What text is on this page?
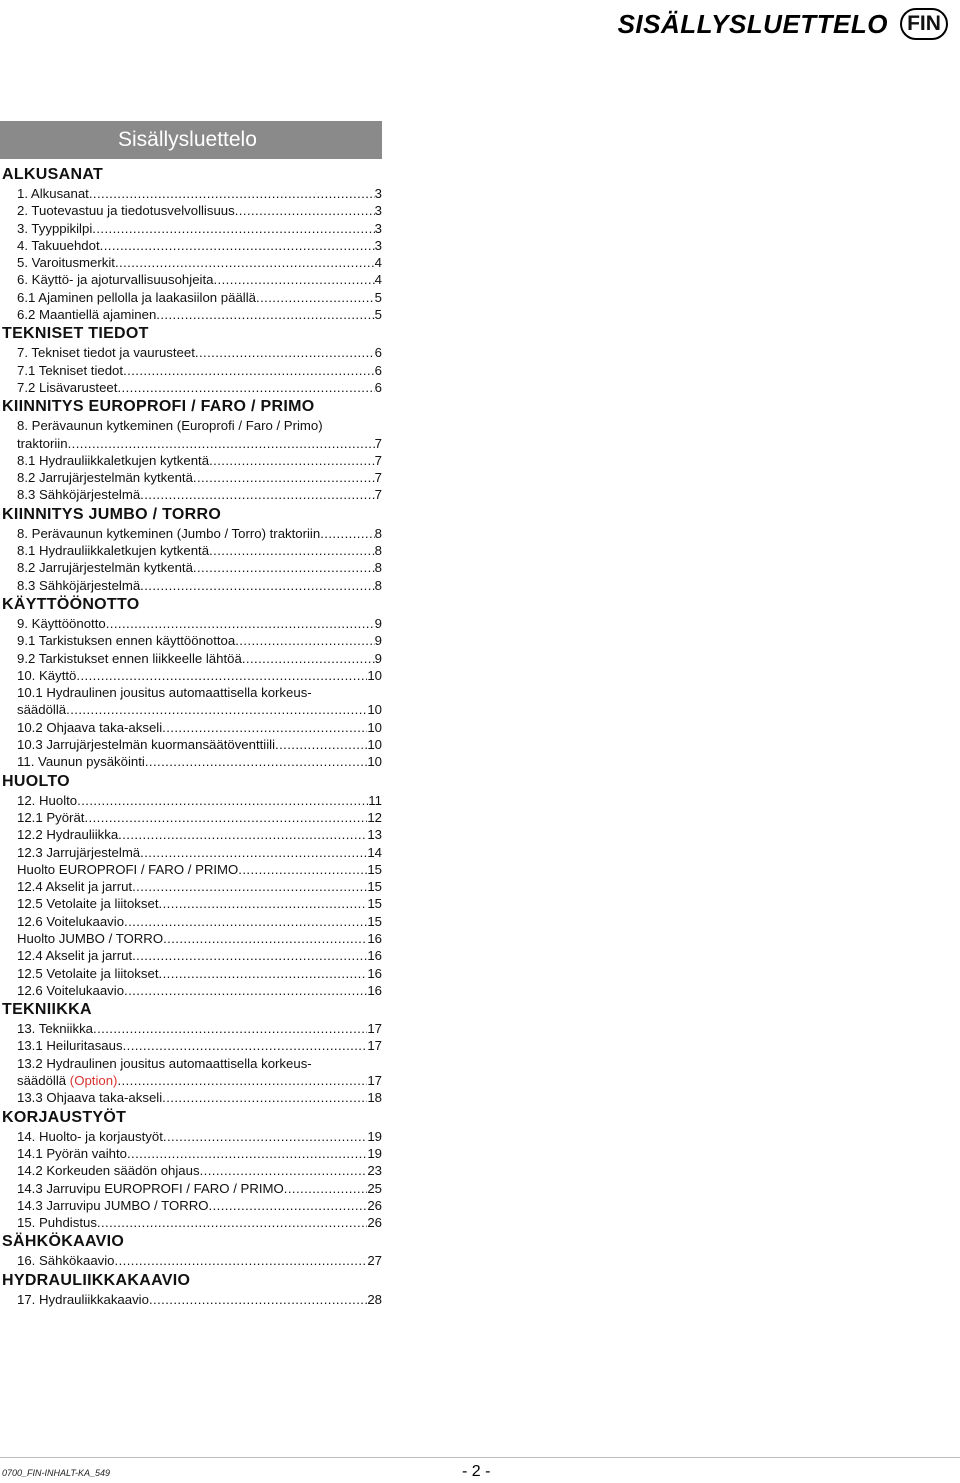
SISÄLLYSLUETTELO FIN
Sisällysluettelo
ALKUSANAT
1. Alkusanat .....	3
2. Tuotevastuu ja tiedotusvelvollisuus .....	3
3. Tyyppikilpi .....	3
4. Takuuehdot .....	3
5. Varoitusmerkit .....	4
6. Käyttö- ja ajoturvallisuusohjeita .....	4
6.1 Ajaminen pellolla ja laakasiilon päällä .....	5
6.2 Maantiellä ajaminen .....	5
TEKNISET TIEDOT
7. Tekniset tiedot ja vaurusteet .....	6
7.1 Tekniset tiedot .....	6
7.2 Lisävarusteet .....	6
KIINNITYS EUROPROFI / FARO / PRIMO
8. Perävaunun kytkeminen (Europrofi / Faro / Primo)
traktoriin .....	7
8.1 Hydrauliikkaletkujen kytkentä .....	7
8.2 Jarrujärjestelmän kytkentä .....	7
8.3 Sähköjärjestelmä .....	7
KIINNITYS JUMBO / TORRO
8. Perävaunun kytkeminen (Jumbo / Torro) traktoriin .....	8
8.1 Hydrauliikkaletkujen kytkentä .....	8
8.2 Jarrujärjestelmän kytkentä .....	8
8.3 Sähköjärjestelmä .....	8
KÄYTTÖÖNOTTO
9. Käyttöönotto .....	9
9.1 Tarkistuksen ennen käyttöönottoa .....	9
9.2 Tarkistukset ennen liikkeelle lähtöä .....	9
10. Käyttö .....	10
10.1 Hydraulinen jousitus automaattisella korkeus-
säädöllä .....	10
10.2 Ohjaava taka-akseli .....	10
10.3 Jarrujärjestelmän kuormansäätöventtiili .....	10
11. Vaunun pysäköinti .....	10
HUOLTO
12. Huolto .....	11
12.1 Pyörät .....	12
12.2 Hydrauliikka .....	13
12.3 Jarrujärjestelmä .....	14
Huolto EUROPROFI / FARO / PRIMO .....	15
12.4 Akselit ja jarrut .....	15
12.5 Vetolaite ja liitokset .....	15
12.6 Voitelukaavio .....	15
Huolto JUMBO / TORRO .....	16
12.4 Akselit ja jarrut .....	16
12.5 Vetolaite ja liitokset .....	16
12.6 Voitelukaavio .....	16
TEKNIIKKA
13. Tekniikka .....	17
13.1 Heiluritasaus .....	17
13.2 Hydraulinen jousitus automaattisella korkeus-
säädöllä (Option) .....	17
13.3 Ohjaava taka-akseli .....	18
KORJAUSTYÖT
14. Huolto- ja korjaustyöt .....	19
14.1 Pyörän vaihto .....	19
14.2 Korkeuden säädön ohjaus .....	23
14.3 Jarruvipu EUROPROFI / FARO / PRIMO .....	25
14.3 Jarruvipu JUMBO / TORRO .....	26
15. Puhdistus .....	26
SÄHKÖKAAVIO
16. Sähkökaavio .....	27
HYDRAULIIKKAKAAVIO
17. Hydrauliikkakaavio .....	28
0700_FIN-INHALT-KA_549	- 2 -
